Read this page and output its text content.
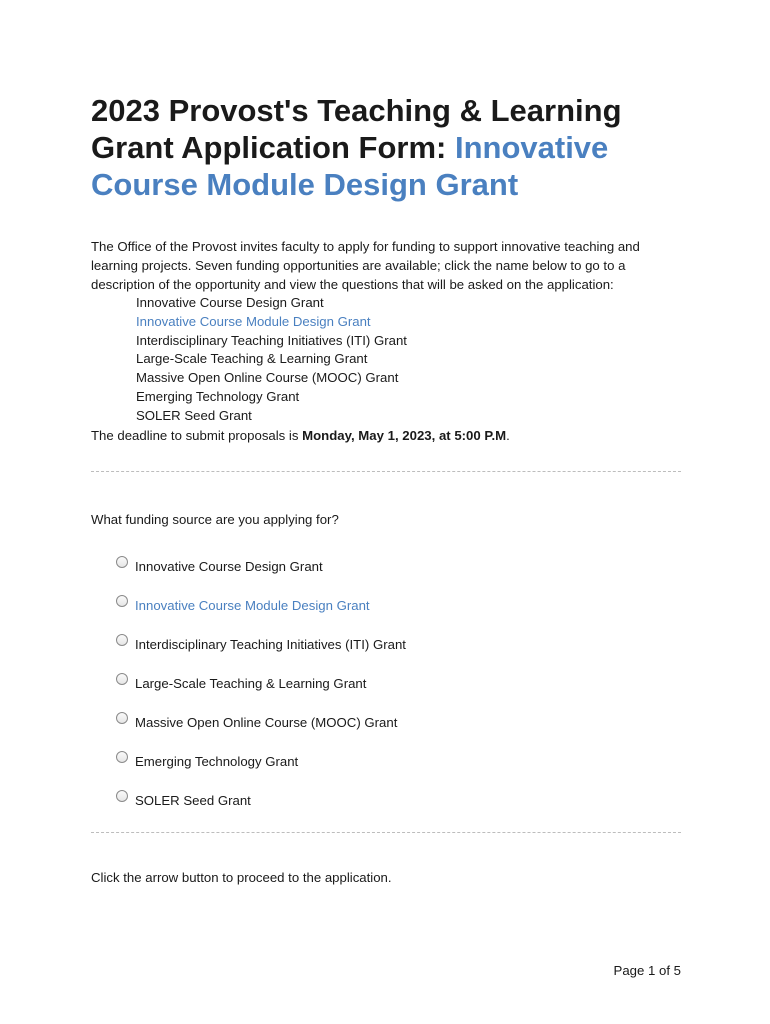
2023 Provost's Teaching & Learning Grant Application Form: Innovative Course Module Design Grant
The Office of the Provost invites faculty to apply for funding to support innovative teaching and learning projects. Seven funding opportunities are available; click the name below to go to a description of the opportunity and view the questions that will be asked on the application:
Innovative Course Design Grant
Innovative Course Module Design Grant
Interdisciplinary Teaching Initiatives (ITI) Grant
Large-Scale Teaching & Learning Grant
Massive Open Online Course (MOOC) Grant
Emerging Technology Grant
SOLER Seed Grant
The deadline to submit proposals is Monday, May 1, 2023, at 5:00 P.M.
What funding source are you applying for?
Innovative Course Design Grant
Innovative Course Module Design Grant
Interdisciplinary Teaching Initiatives (ITI) Grant
Large-Scale Teaching & Learning Grant
Massive Open Online Course (MOOC) Grant
Emerging Technology Grant
SOLER Seed Grant
Click the arrow button to proceed to the application.
Page 1 of 5
